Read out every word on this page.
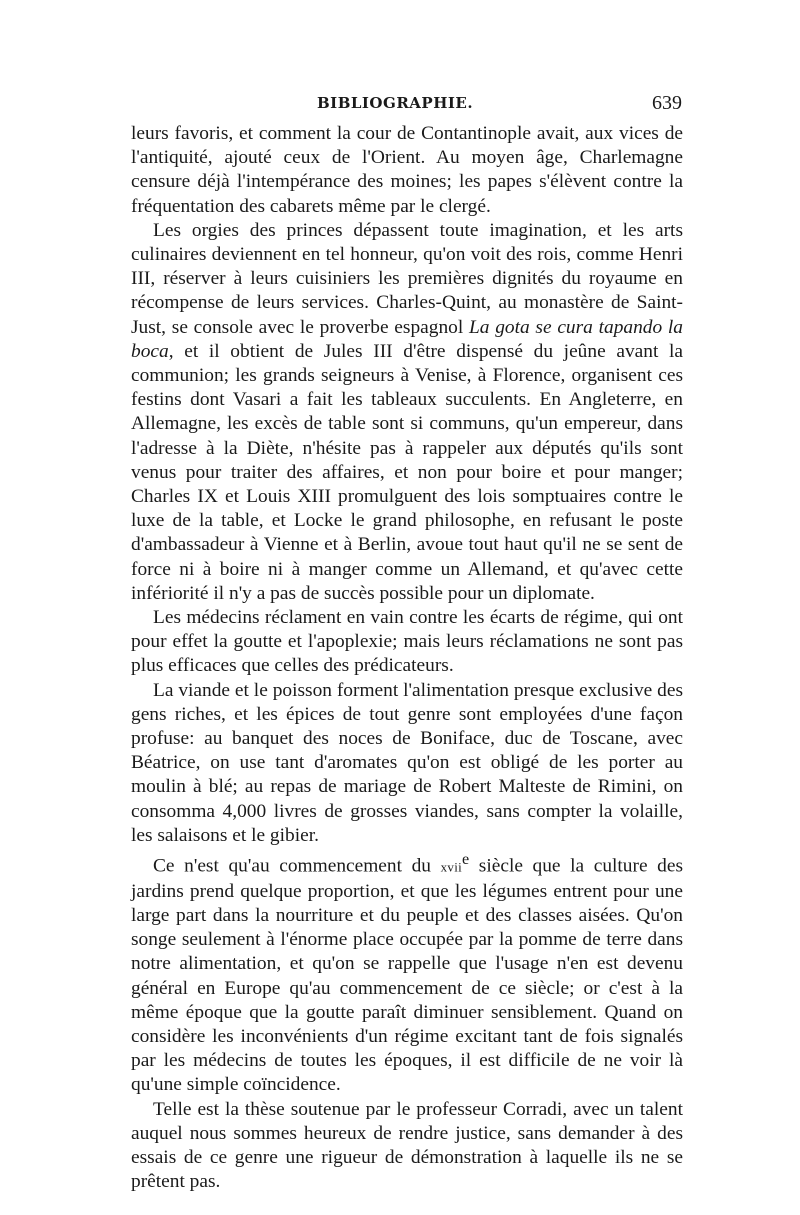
BIBLIOGRAPHIE.	639

leurs favoris, et comment la cour de Contantinople avait, aux vices de l'antiquité, ajouté ceux de l'Orient. Au moyen âge, Charlemagne censure déjà l'intempérance des moines; les papes s'élèvent contre la fréquentation des cabarets même par le clergé.

Les orgies des princes dépassent toute imagination, et les arts culinaires deviennent en tel honneur, qu'on voit des rois, comme Henri III, réserver à leurs cuisiniers les premières dignités du royaume en récompense de leurs services. Charles-Quint, au monastère de Saint-Just, se console avec le proverbe espagnol La gota se cura tapando la boca, et il obtient de Jules III d'être dispensé du jeûne avant la communion; les grands seigneurs à Venise, à Florence, organisent ces festins dont Vasari a fait les tableaux succulents. En Angleterre, en Allemagne, les excès de table sont si communs, qu'un empereur, dans l'adresse à la Diète, n'hésite pas à rappeler aux députés qu'ils sont venus pour traiter des affaires, et non pour boire et pour manger; Charles IX et Louis XIII promulguent des lois somptuaires contre le luxe de la table, et Locke le grand philosophe, en refusant le poste d'ambassadeur à Vienne et à Berlin, avoue tout haut qu'il ne se sent de force ni à boire ni à manger comme un Allemand, et qu'avec cette infériorité il n'y a pas de succès possible pour un diplomate.

Les médecins réclament en vain contre les écarts de régime, qui ont pour effet la goutte et l'apoplexie; mais leurs réclamations ne sont pas plus efficaces que celles des prédicateurs.

La viande et le poisson forment l'alimentation presque exclusive des gens riches, et les épices de tout genre sont employées d'une façon profuse: au banquet des noces de Boniface, duc de Toscane, avec Béatrice, on use tant d'aromates qu'on est obligé de les porter au moulin à blé; au repas de mariage de Robert Malteste de Rimini, on consomma 4,000 livres de grosses viandes, sans compter la volaille, les salaisons et le gibier.

Ce n'est qu'au commencement du xvii$^e$ siècle que la culture des jardins prend quelque proportion, et que les légumes entrent pour une large part dans la nourriture et du peuple et des classes aisées. Qu'on songe seulement à l'énorme place occupée par la pomme de terre dans notre alimentation, et qu'on se rappelle que l'usage n'en est devenu général en Europe qu'au commencement de ce siècle; or c'est à la même époque que la goutte paraît diminuer sensiblement. Quand on considère les inconvénients d'un régime excitant tant de fois signalés par les médecins de toutes les époques, il est difficile de ne voir là qu'une simple coïncidence.

Telle est la thèse soutenue par le professeur Corradi, avec un talent auquel nous sommes heureux de rendre justice, sans demander à des essais de ce genre une rigueur de démonstration à laquelle ils ne se prêtent pas.
